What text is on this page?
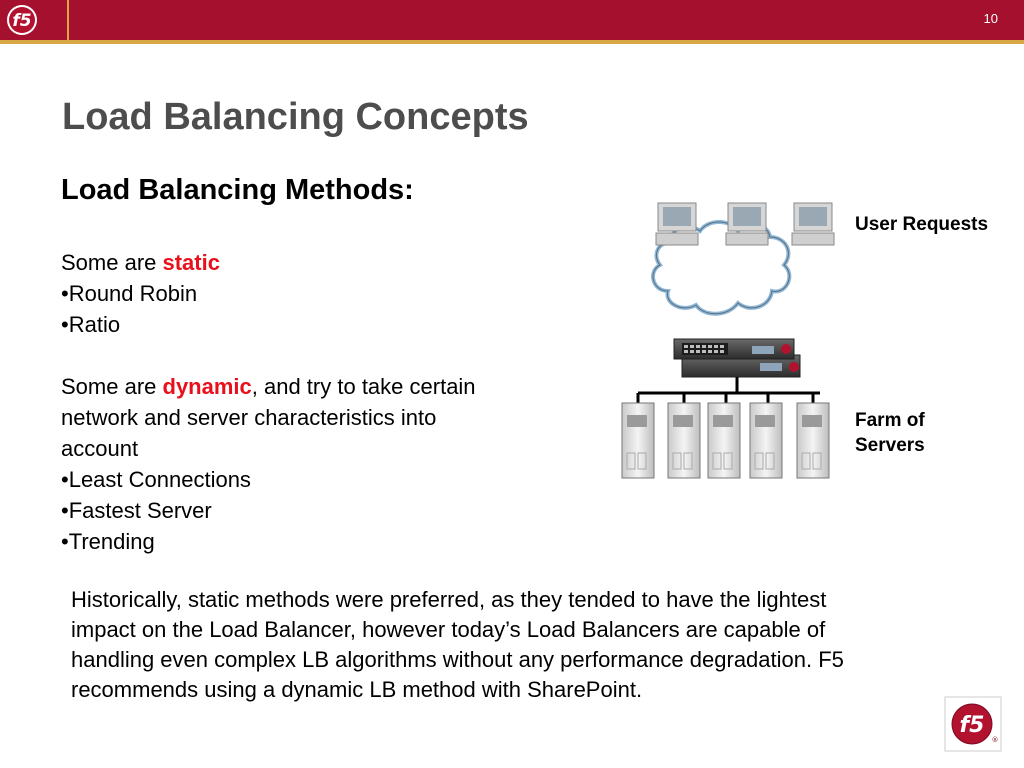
f5	10
Load Balancing Concepts
Load Balancing Methods:
Some are static
•Round Robin
•Ratio
Some are dynamic, and try to take certain
network and server characteristics into
account
•Least Connections
•Fastest Server
•Trending
User Requests
Farm of
Servers
Historically, static methods were preferred, as they tended to have the lightest
impact on the Load Balancer, however today’s Load Balancers are capable of
handling even complex LB algorithms without any performance degradation. F5
recommends using a dynamic LB method with SharePoint.
f5
®
